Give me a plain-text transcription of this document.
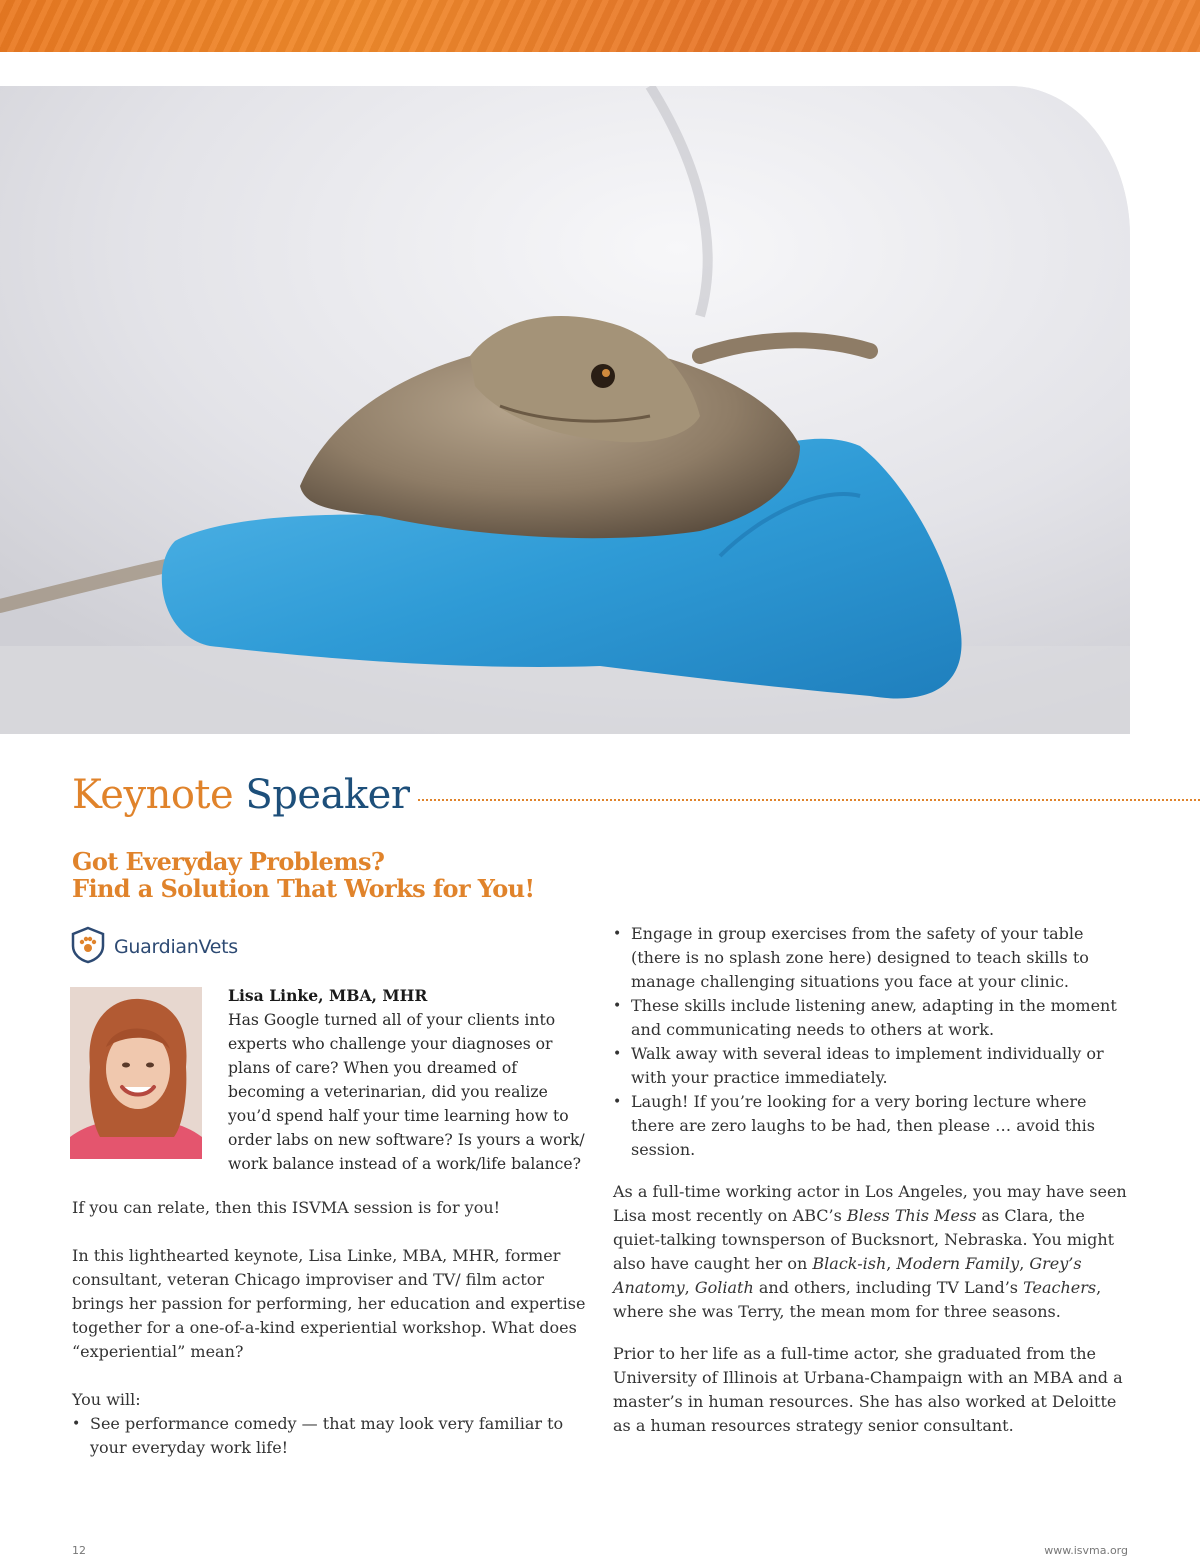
Keynote Speaker
Got Everyday Problems?
Find a Solution That Works for You!
GuardianVets
Lisa Linke, MBA, MHR
Has Google turned all of your clients into experts who challenge your diagnoses or plans of care? When you dreamed of becoming a veterinarian, did you realize you’d spend half your time learning how to order labs on new software? Is yours a work/ work balance instead of a work/life balance?

If you can relate, then this ISVMA session is for you!

In this lighthearted keynote, Lisa Linke, MBA, MHR, former consultant, veteran Chicago improviser and TV/ film actor brings her passion for performing, her education and expertise together for a one-of-a-kind experiential workshop. What does “experiential” mean?

You will:
• See performance comedy — that may look very familiar to your everyday work life!
• Engage in group exercises from the safety of your table (there is no splash zone here) designed to teach skills to manage challenging situations you face at your clinic.
• These skills include listening anew, adapting in the moment and communicating needs to others at work.
• Walk away with several ideas to implement individually or with your practice immediately.
• Laugh! If you’re looking for a very boring lecture where there are zero laughs to be had, then please … avoid this session.

As a full-time working actor in Los Angeles, you may have seen Lisa most recently on ABC’s Bless This Mess as Clara, the quiet-talking townsperson of Bucksnort, Nebraska. You might also have caught her on Black-ish, Modern Family, Grey’s Anatomy, Goliath and others, including TV Land’s Teachers, where she was Terry, the mean mom for three seasons.

Prior to her life as a full-time actor, she graduated from the University of Illinois at Urbana-Champaign with an MBA and a master’s in human resources. She has also worked at Deloitte as a human resources strategy senior consultant.

12	www.isvma.org
